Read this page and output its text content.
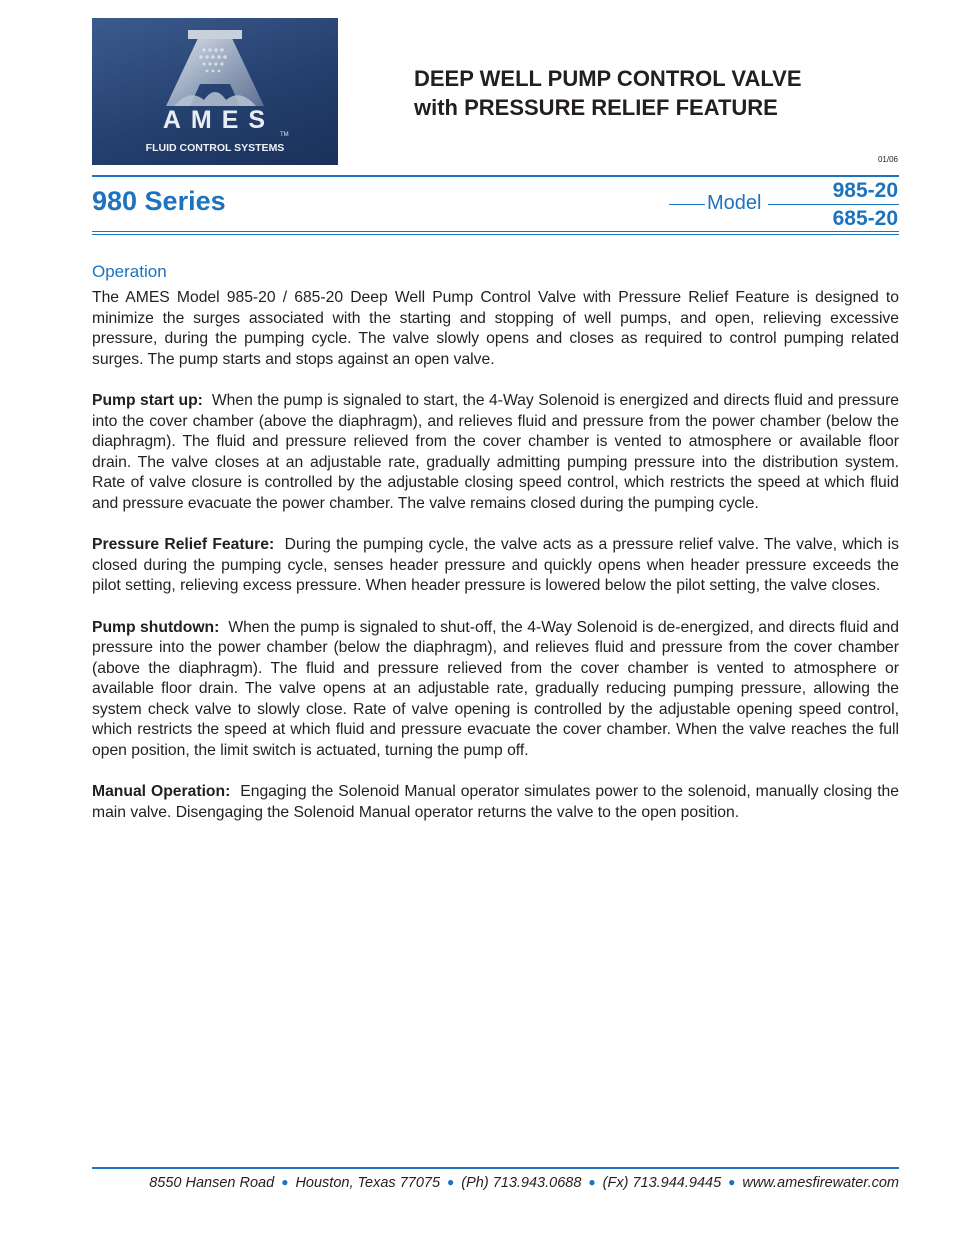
AMES
TM
FLUID CONTROL SYSTEMS
DEEP WELL PUMP CONTROL VALVE
with PRESSURE RELIEF FEATURE
01/06
980 Series	Model
985-20
685-20
Operation

The AMES Model 985-20 / 685-20 Deep Well Pump Control Valve with Pressure Relief Feature is designed to minimize the surges associated with the starting and stopping of well pumps, and open, relieving excessive pressure, during the pumping cycle. The valve slowly opens and closes as required to control pumping related surges. The pump starts and stops against an open valve.

Pump start up: When the pump is signaled to start, the 4-Way Solenoid is energized and directs fluid and pressure into the cover chamber (above the diaphragm), and relieves fluid and pressure from the power chamber (below the diaphragm). The fluid and pressure relieved from the cover chamber is vented to atmosphere or available floor drain. The valve closes at an adjustable rate, gradually admitting pumping pressure into the distribution system. Rate of valve closure is controlled by the adjustable closing speed control, which restricts the speed at which fluid and pressure evacuate the power chamber. The valve remains closed during the pumping cycle.

Pressure Relief Feature: During the pumping cycle, the valve acts as a pressure relief valve. The valve, which is closed during the pumping cycle, senses header pressure and quickly opens when header pressure exceeds the pilot setting, relieving excess pressure. When header pressure is lowered below the pilot setting, the valve closes.

Pump shutdown: When the pump is signaled to shut-off, the 4-Way Solenoid is de-energized, and directs fluid and pressure into the power chamber (below the diaphragm), and relieves fluid and pressure from the cover chamber (above the diaphragm). The fluid and pressure relieved from the cover chamber is vented to atmosphere or available floor drain. The valve opens at an adjustable rate, gradually reducing pumping pressure, allowing the system check valve to slowly close. Rate of valve opening is controlled by the adjustable opening speed control, which restricts the speed at which fluid and pressure evacuate the cover chamber. When the valve reaches the full open position, the limit switch is actuated, turning the pump off.

Manual Operation: Engaging the Solenoid Manual operator simulates power to the solenoid, manually closing the main valve. Disengaging the Solenoid Manual operator returns the valve to the open position.

8550 Hansen Road ● Houston, Texas 77075 ● (Ph) 713.943.0688 ● (Fx) 713.944.9445 ● www.amesfirewater.com
